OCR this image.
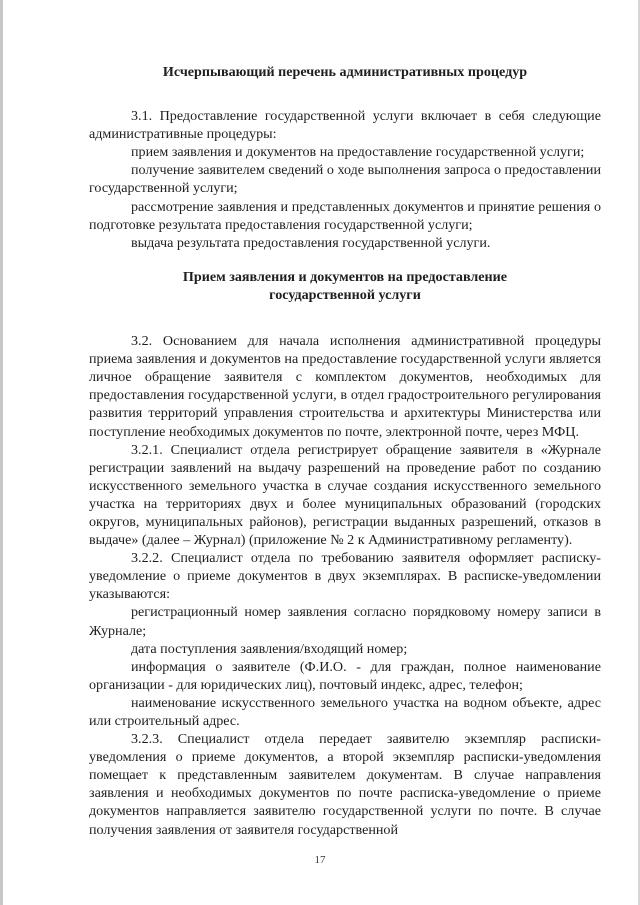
Исчерпывающий перечень административных процедур

3.1. Предоставление государственной услуги включает в себя следующие административные процедуры:

прием заявления и документов на предоставление государственной услуги;

получение заявителем сведений о ходе выполнения запроса о предоставлении государственной услуги;

рассмотрение заявления и представленных документов и принятие решения о подготовке результата предоставления государственной услуги;

выдача результата предоставления государственной услуги.

Прием заявления и документов на предоставление

государственной услуги

3.2. Основанием для начала исполнения административной процедуры приема заявления и документов на предоставление государственной услуги является личное обращение заявителя с комплектом документов, необходимых для предоставления государственной услуги, в отдел градостроительного регулирования развития территорий управления строительства и архитектуры Министерства или поступление необходимых документов по почте, электронной почте, через МФЦ.

3.2.1. Специалист отдела регистрирует обращение заявителя в «Журнале регистрации заявлений на выдачу разрешений на проведение работ по созданию искусственного земельного участка в случае создания искусственного земельного участка на территориях двух и более муниципальных образований (городских округов, муниципальных районов), регистрации выданных разрешений, отказов в выдаче» (далее – Журнал) (приложение № 2 к Административному регламенту).

3.2.2. Специалист отдела по требованию заявителя оформляет расписку-уведомление о приеме документов в двух экземплярах. В расписке-уведомлении указываются:

регистрационный номер заявления согласно порядковому номеру записи в Журнале;

дата поступления заявления/входящий номер;

информация о заявителе (Ф.И.О. - для граждан, полное наименование организации - для юридических лиц), почтовый индекс, адрес, телефон;

наименование искусственного земельного участка на водном объекте, адрес или строительный адрес.

3.2.3. Специалист отдела передает заявителю экземпляр расписки-уведомления о приеме документов, а второй экземпляр расписки-уведомления помещает к представленным заявителем документам. В случае направления заявления и необходимых документов по почте расписка-уведомление о приеме документов направляется заявителю государственной услуги по почте. В случае получения заявления от заявителя государственной

17
